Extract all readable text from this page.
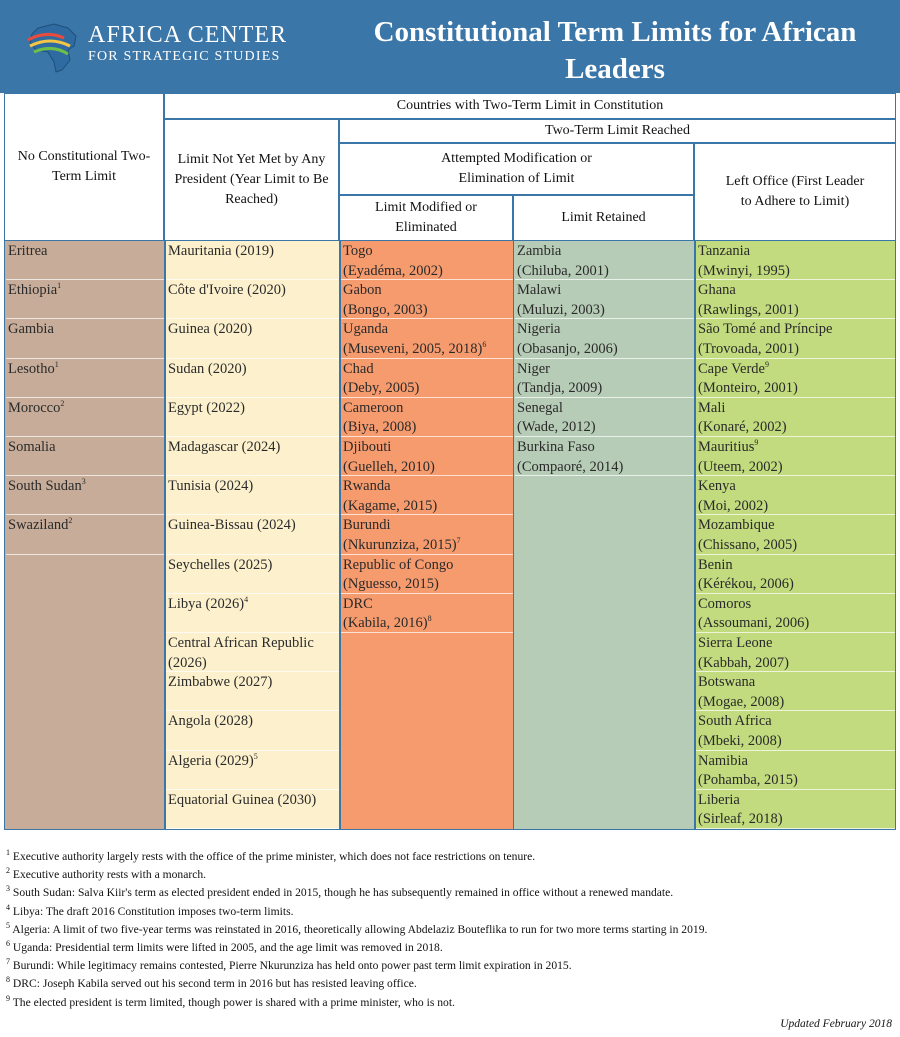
AFRICA CENTER
FOR STRATEGIC STUDIES
Constitutional Term Limits for African Leaders
No Constitutional Two-Term Limit
Countries with Two-Term Limit in Constitution
Limit Not Yet Met by Any President (Year Limit to Be Reached)
Two-Term Limit Reached
Attempted Modification or Elimination of Limit	Left Office (First Leader to Adhere to Limit)
Limit Modified or Eliminated
Limit Retained
Eritrea
Ethiopia$^1$
Gambia
Lesotho$^1$
Morocco$^2$
Somalia
South Sudan$^3$
Swaziland$^2$
Mauritania (2019)
Côte d'Ivoire (2020)
Guinea (2020)
Sudan (2020)
Egypt (2022)
Madagascar (2024)
Tunisia (2024)
Guinea-Bissau (2024)
Seychelles (2025)
Libya $(2026)^4$
Central African Republic (2026)
Zimbabwe (2027)
Angola (2028)
Algeria $(2029)^5$
Equatorial Guinea (2030)
Togo
(Eyadéma, 2002)
Gabon
(Bongo, 2003)
Uganda
(Museveni, 2005, 2018)$^6$
Chad
(Deby, 2005)
Cameroon
(Biya, 2008)
Djibouti
(Guelleh, 2010)
Rwanda
(Kagame, 2015)
Burundi
(Nkurunziza, 2015)$^7$
Republic of Congo
(Nguesso, 2015)
DRC
(Kabila, 2016)$^8$
Zambia
(Chiluba, 2001)
Malawi
(Muluzi, 2003)
Nigeria
(Obasanjo, 2006)
Niger
(Tandja, 2009)
Senegal
(Wade, 2012)
Burkina Faso
(Compaoré, 2014)
Tanzania
(Mwinyi, 1995)
Ghana
(Rawlings, 2001)
São Tomé and Príncipe
(Trovoada, 2001)
Cape Verde$^9$
(Monteiro, 2001)
Mali
(Konaré, 2002)
Mauritius$^9$
(Uteem, 2002)
Kenya
(Moi, 2002)
Mozambique
(Chissano, 2005)
Benin
(Kérékou, 2006)
Comoros
(Assoumani, 2006)
Sierra Leone
(Kabbah, 2007)
Botswana
(Mogae, 2008)
South Africa
(Mbeki, 2008)
Namibia
(Pohamba, 2015)
Liberia
(Sirleaf, 2018)
$^1$ Executive authority largely rests with the office of the prime minister, which does not face restrictions on tenure.
$^2$ Executive authority rests with a monarch.
$^3$ South Sudan: Salva Kiir's term as elected president ended in 2015, though he has subsequently remained in office without a renewed mandate.
$^4$ Libya: The draft 2016 Constitution imposes two-term limits.
$^5$ Algeria: A limit of two five-year terms was reinstated in 2016, theoretically allowing Abdelaziz Bouteflika to run for two more terms starting in 2019.
$^6$ Uganda: Presidential term limits were lifted in 2005, and the age limit was removed in 2018.
$^7$ Burundi: While legitimacy remains contested, Pierre Nkurunziza has held onto power past term limit expiration in 2015.
$^8$ DRC: Joseph Kabila served out his second term in 2016 but has resisted leaving office.
$^9$ The elected president is term limited, though power is shared with a prime minister, who is not.
Updated February 2018
